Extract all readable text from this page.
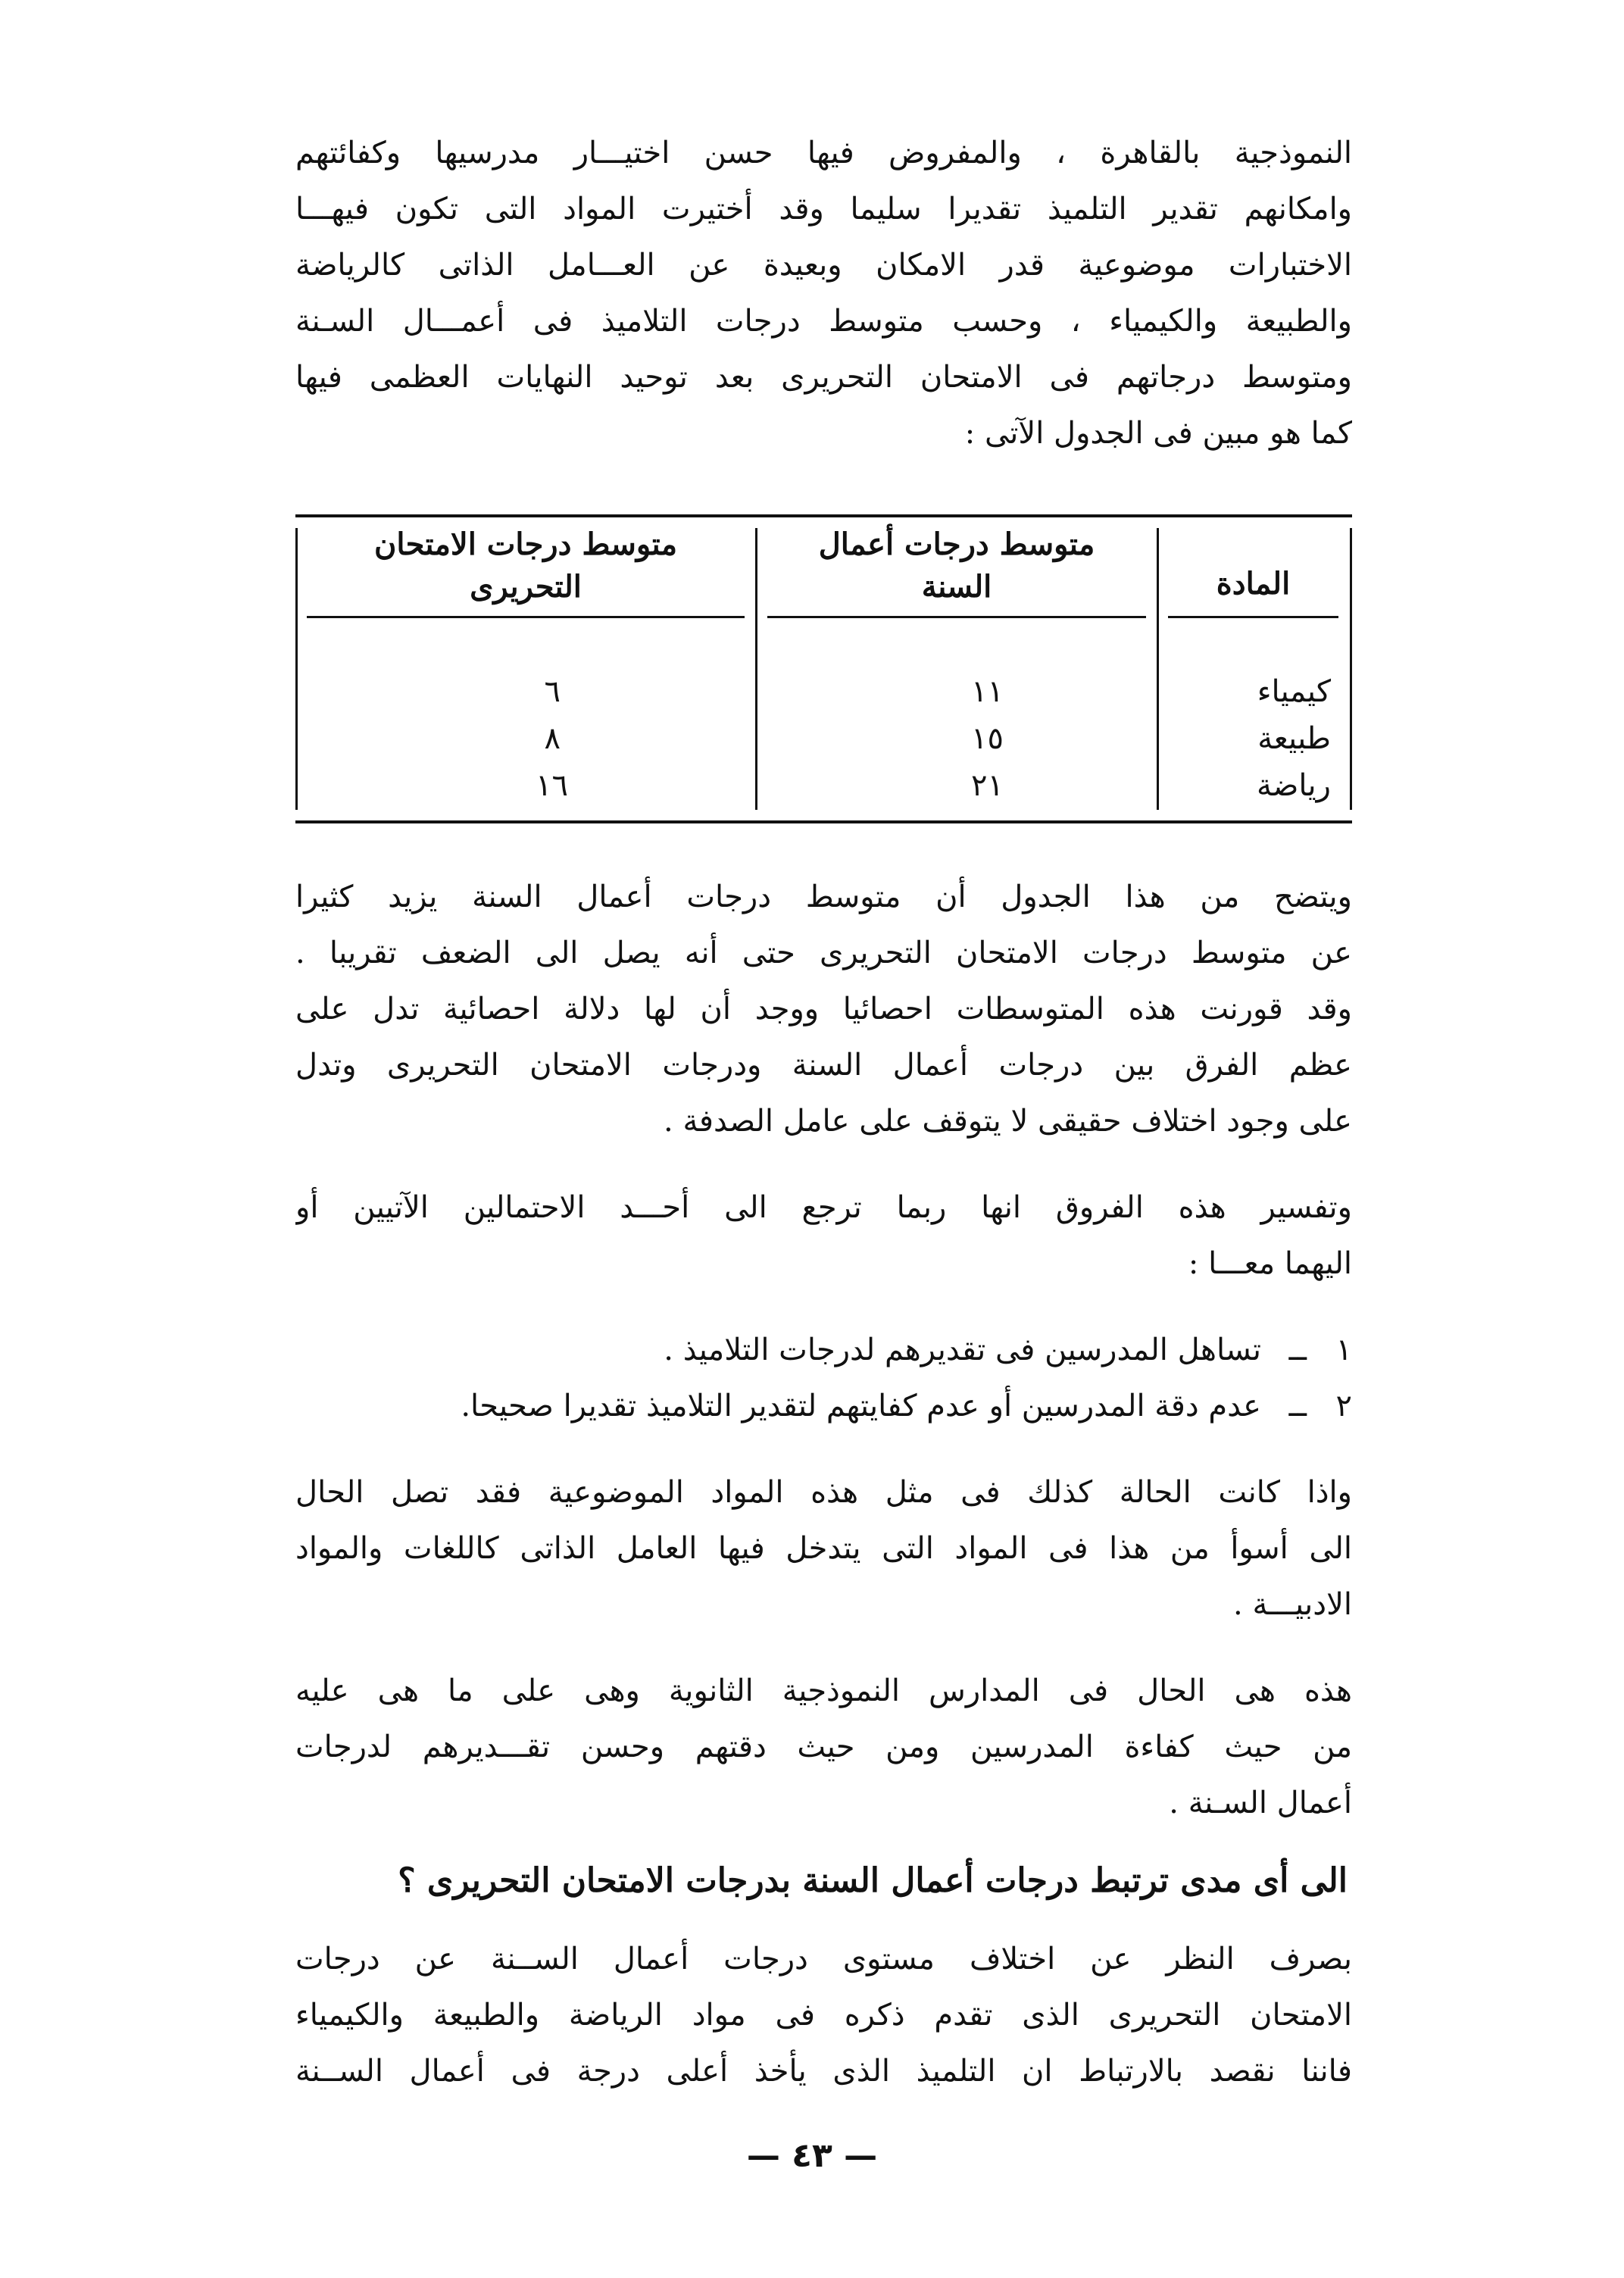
النموذجية بالقاهرة ، والمفروض فيها حسن اختيـــار مدرسيها وكفائتهم
وامكانهم تقدير التلميذ تقديرا سليما وقد أختيرت المواد التى تكون فيهـــا
الاختبارات موضوعية قدر الامكان وبعيدة عن العـــامل الذاتى كالرياضة
والطبيعة والكيمياء ، وحسب متوسط درجات التلاميذ فى أعمـــال السـنة
ومتوسط درجاتهم فى الامتحان التحريرى بعد توحيد النهايات العظمى فيها
كما هو مبين فى الجدول الآتى :
المادة
متوسط درجات أعمال
السنة
متوسط درجات الامتحان
التحريرى
كيمياء
١١
٦
طبيعة
١٥
٨
رياضة
٢١
١٦
ويتضح من هذا الجدول أن متوسط درجات أعمال السنة يزيد كثيرا
عن متوسط درجات الامتحان التحريرى حتى أنه يصل الى الضعف تقريبا .
وقد قورنت هذه المتوسطات احصائيا ووجد أن لها دلالة احصائية تدل على
عظم الفرق بين درجات أعمال السنة ودرجات الامتحان التحريرى وتدل
على وجود اختلاف حقيقى لا يتوقف على عامل الصدفة .
وتفسير هذه الفروق انها ربما ترجع الى أحـــد الاحتمالين الآتيين أو
اليهما معـــا :
١ــتساهل المدرسين فى تقديرهم لدرجات التلاميذ .
٢ــعدم دقة المدرسين أو عدم كفايتهم لتقدير التلاميذ تقديرا صحيحا.
واذا كانت الحالة كذلك فى مثل هذه المواد الموضوعية فقد تصل الحال
الى أسوأ من هذا فى المواد التى يتدخل فيها العامل الذاتى كاللغات والمواد
الادبيـــة .
هذه هى الحال فى المدارس النموذجية الثانوية وهى على ما هى عليه
من حيث كفاءة المدرسين ومن حيث دقتهم وحسن تقـــديرهم لدرجات
أعمال السـنة .
الى أى مدى ترتبط درجات أعمال السنة بدرجات الامتحان التحريرى ؟
بصرف النظر عن اختلاف مستوى درجات أعمال الســنة عن درجات
الامتحان التحريرى الذى تقدم ذكره فى مواد الرياضة والطبيعة والكيمياء
فاننا نقصد بالارتباط ان التلميذ الذى يأخذ أعلى درجة فى أعمال الســنة
— ٤٣ —
